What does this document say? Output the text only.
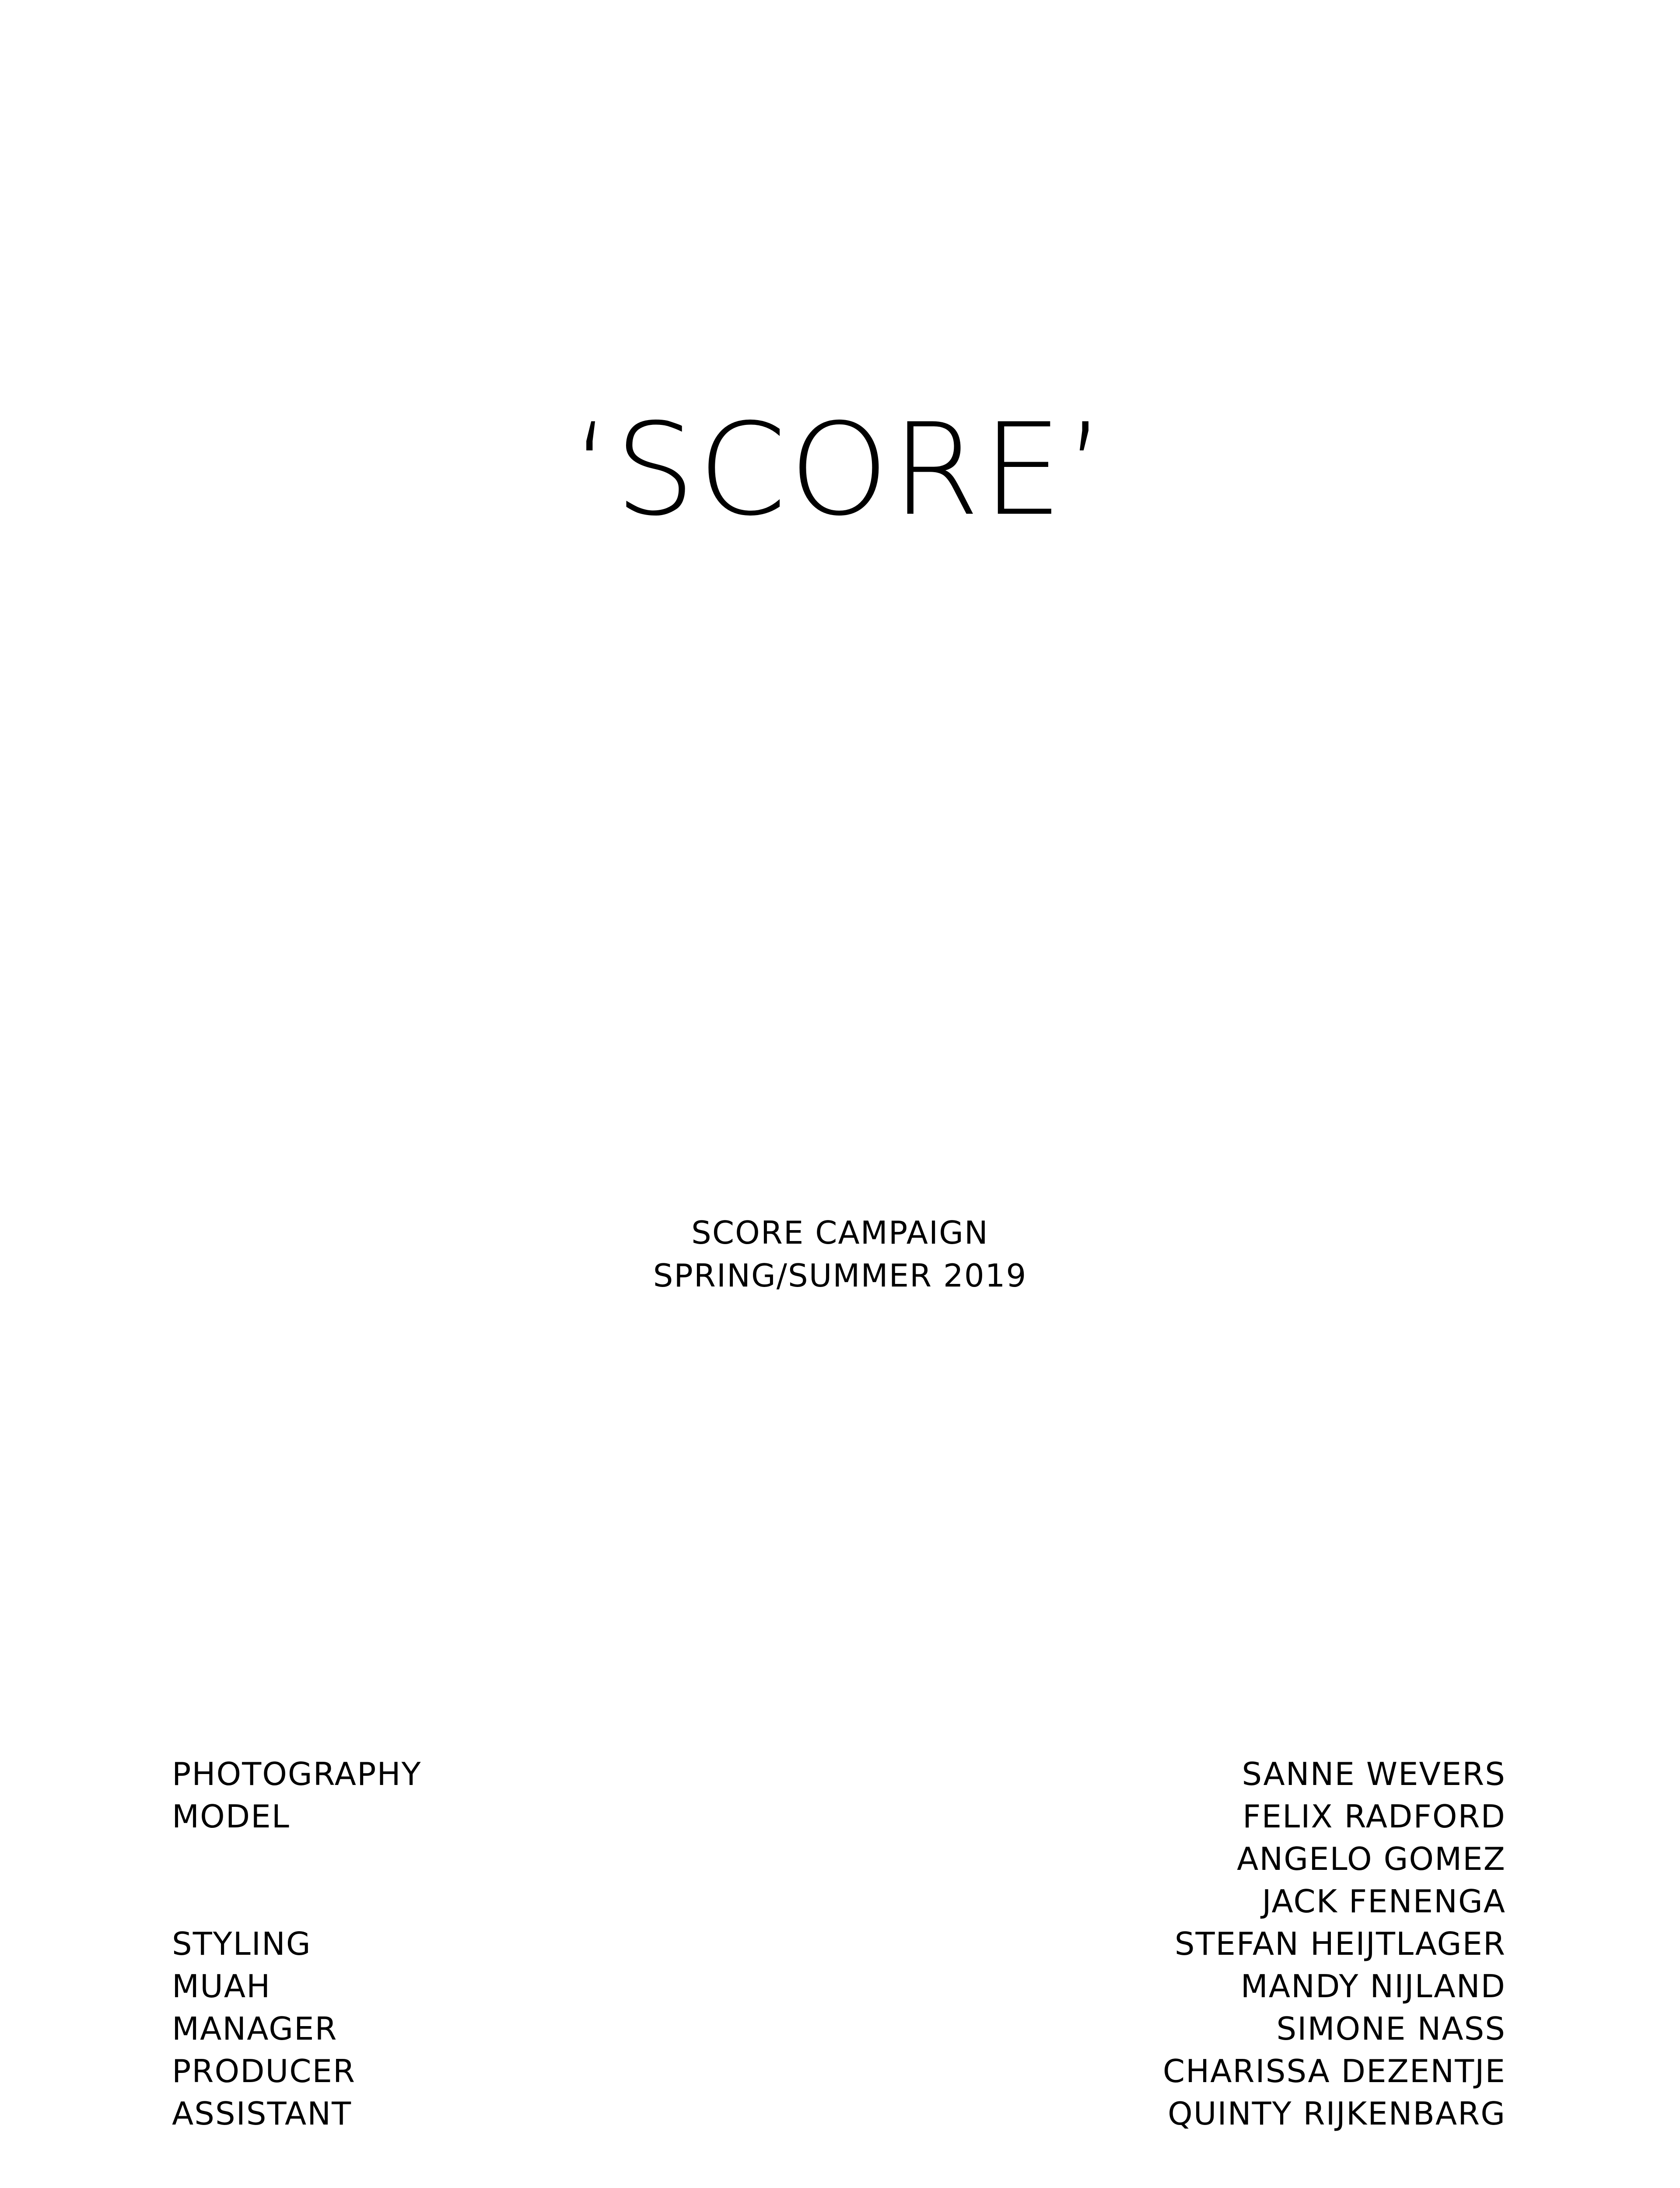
‘SCORE’
SCORE CAMPAIGN
SPRING/SUMMER 2019
PHOTOGRAPHY
MODEL
STYLING
MUAH
MANAGER
PRODUCER
ASSISTANT
SANNE WEVERS
FELIX RADFORD
ANGELO GOMEZ
JACK FENENGA
STEFAN HEIJTLAGER
MANDY NIJLAND
SIMONE NASS
CHARISSA DEZENTJE
QUINTY RIJKENBARG
